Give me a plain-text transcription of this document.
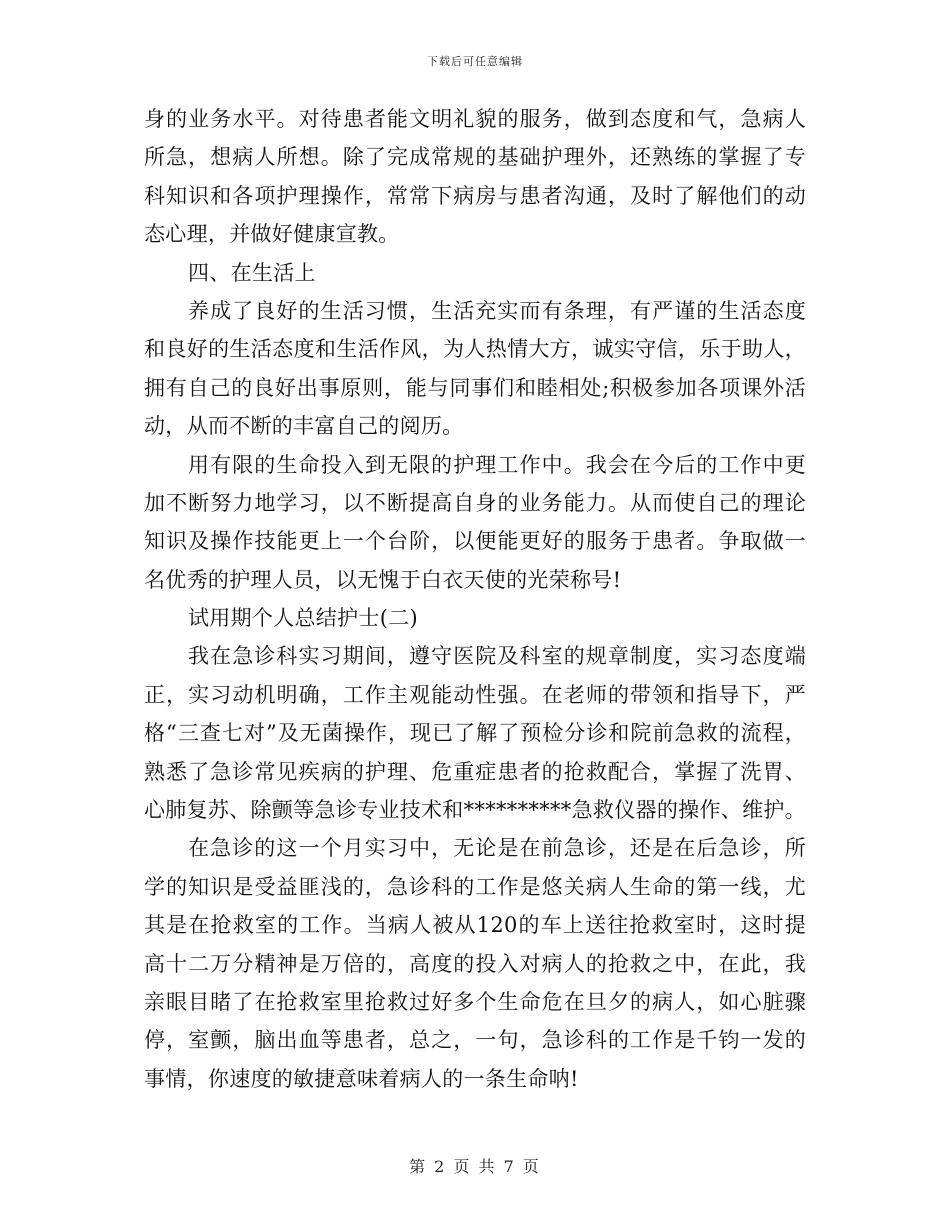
下载后可任意编辑
身的业务水平。对待患者能文明礼貌的服务，做到态度和气，急病人
所急，想病人所想。除了完成常规的基础护理外，还熟练的掌握了专
科知识和各项护理操作，常常下病房与患者沟通，及时了解他们的动
态心理，并做好健康宣教。
四、在生活上
养成了良好的生活习惯，生活充实而有条理，有严谨的生活态度
和良好的生活态度和生活作风，为人热情大方，诚实守信，乐于助人，
拥有自己的良好出事原则，能与同事们和睦相处;积极参加各项课外活
动，从而不断的丰富自己的阅历。
用有限的生命投入到无限的护理工作中。我会在今后的工作中更
加不断努力地学习，以不断提高自身的业务能力。从而使自己的理论
知识及操作技能更上一个台阶，以便能更好的服务于患者。争取做一
名优秀的护理人员，以无愧于白衣天使的光荣称号!
试用期个人总结护士(二)
我在急诊科实习期间，遵守医院及科室的规章制度，实习态度端
正，实习动机明确，工作主观能动性强。在老师的带领和指导下，严
格“三查七对”及无菌操作，现已了解了预检分诊和院前急救的流程，
熟悉了急诊常见疾病的护理、危重症患者的抢救配合，掌握了洗胃、
心肺复苏、除颤等急诊专业技术和**********急救仪器的操作、维护。
在急诊的这一个月实习中，无论是在前急诊，还是在后急诊，所
学的知识是受益匪浅的，急诊科的工作是悠关病人生命的第一线，尤
其是在抢救室的工作。当病人被从120的车上送往抢救室时，这时提
高十二万分精神是万倍的，高度的投入对病人的抢救之中，在此，我
亲眼目睹了在抢救室里抢救过好多个生命危在旦夕的病人，如心脏骤
停，室颤，脑出血等患者，总之，一句，急诊科的工作是千钧一发的
事情，你速度的敏捷意味着病人的一条生命呐!
第 2 页 共 7 页
